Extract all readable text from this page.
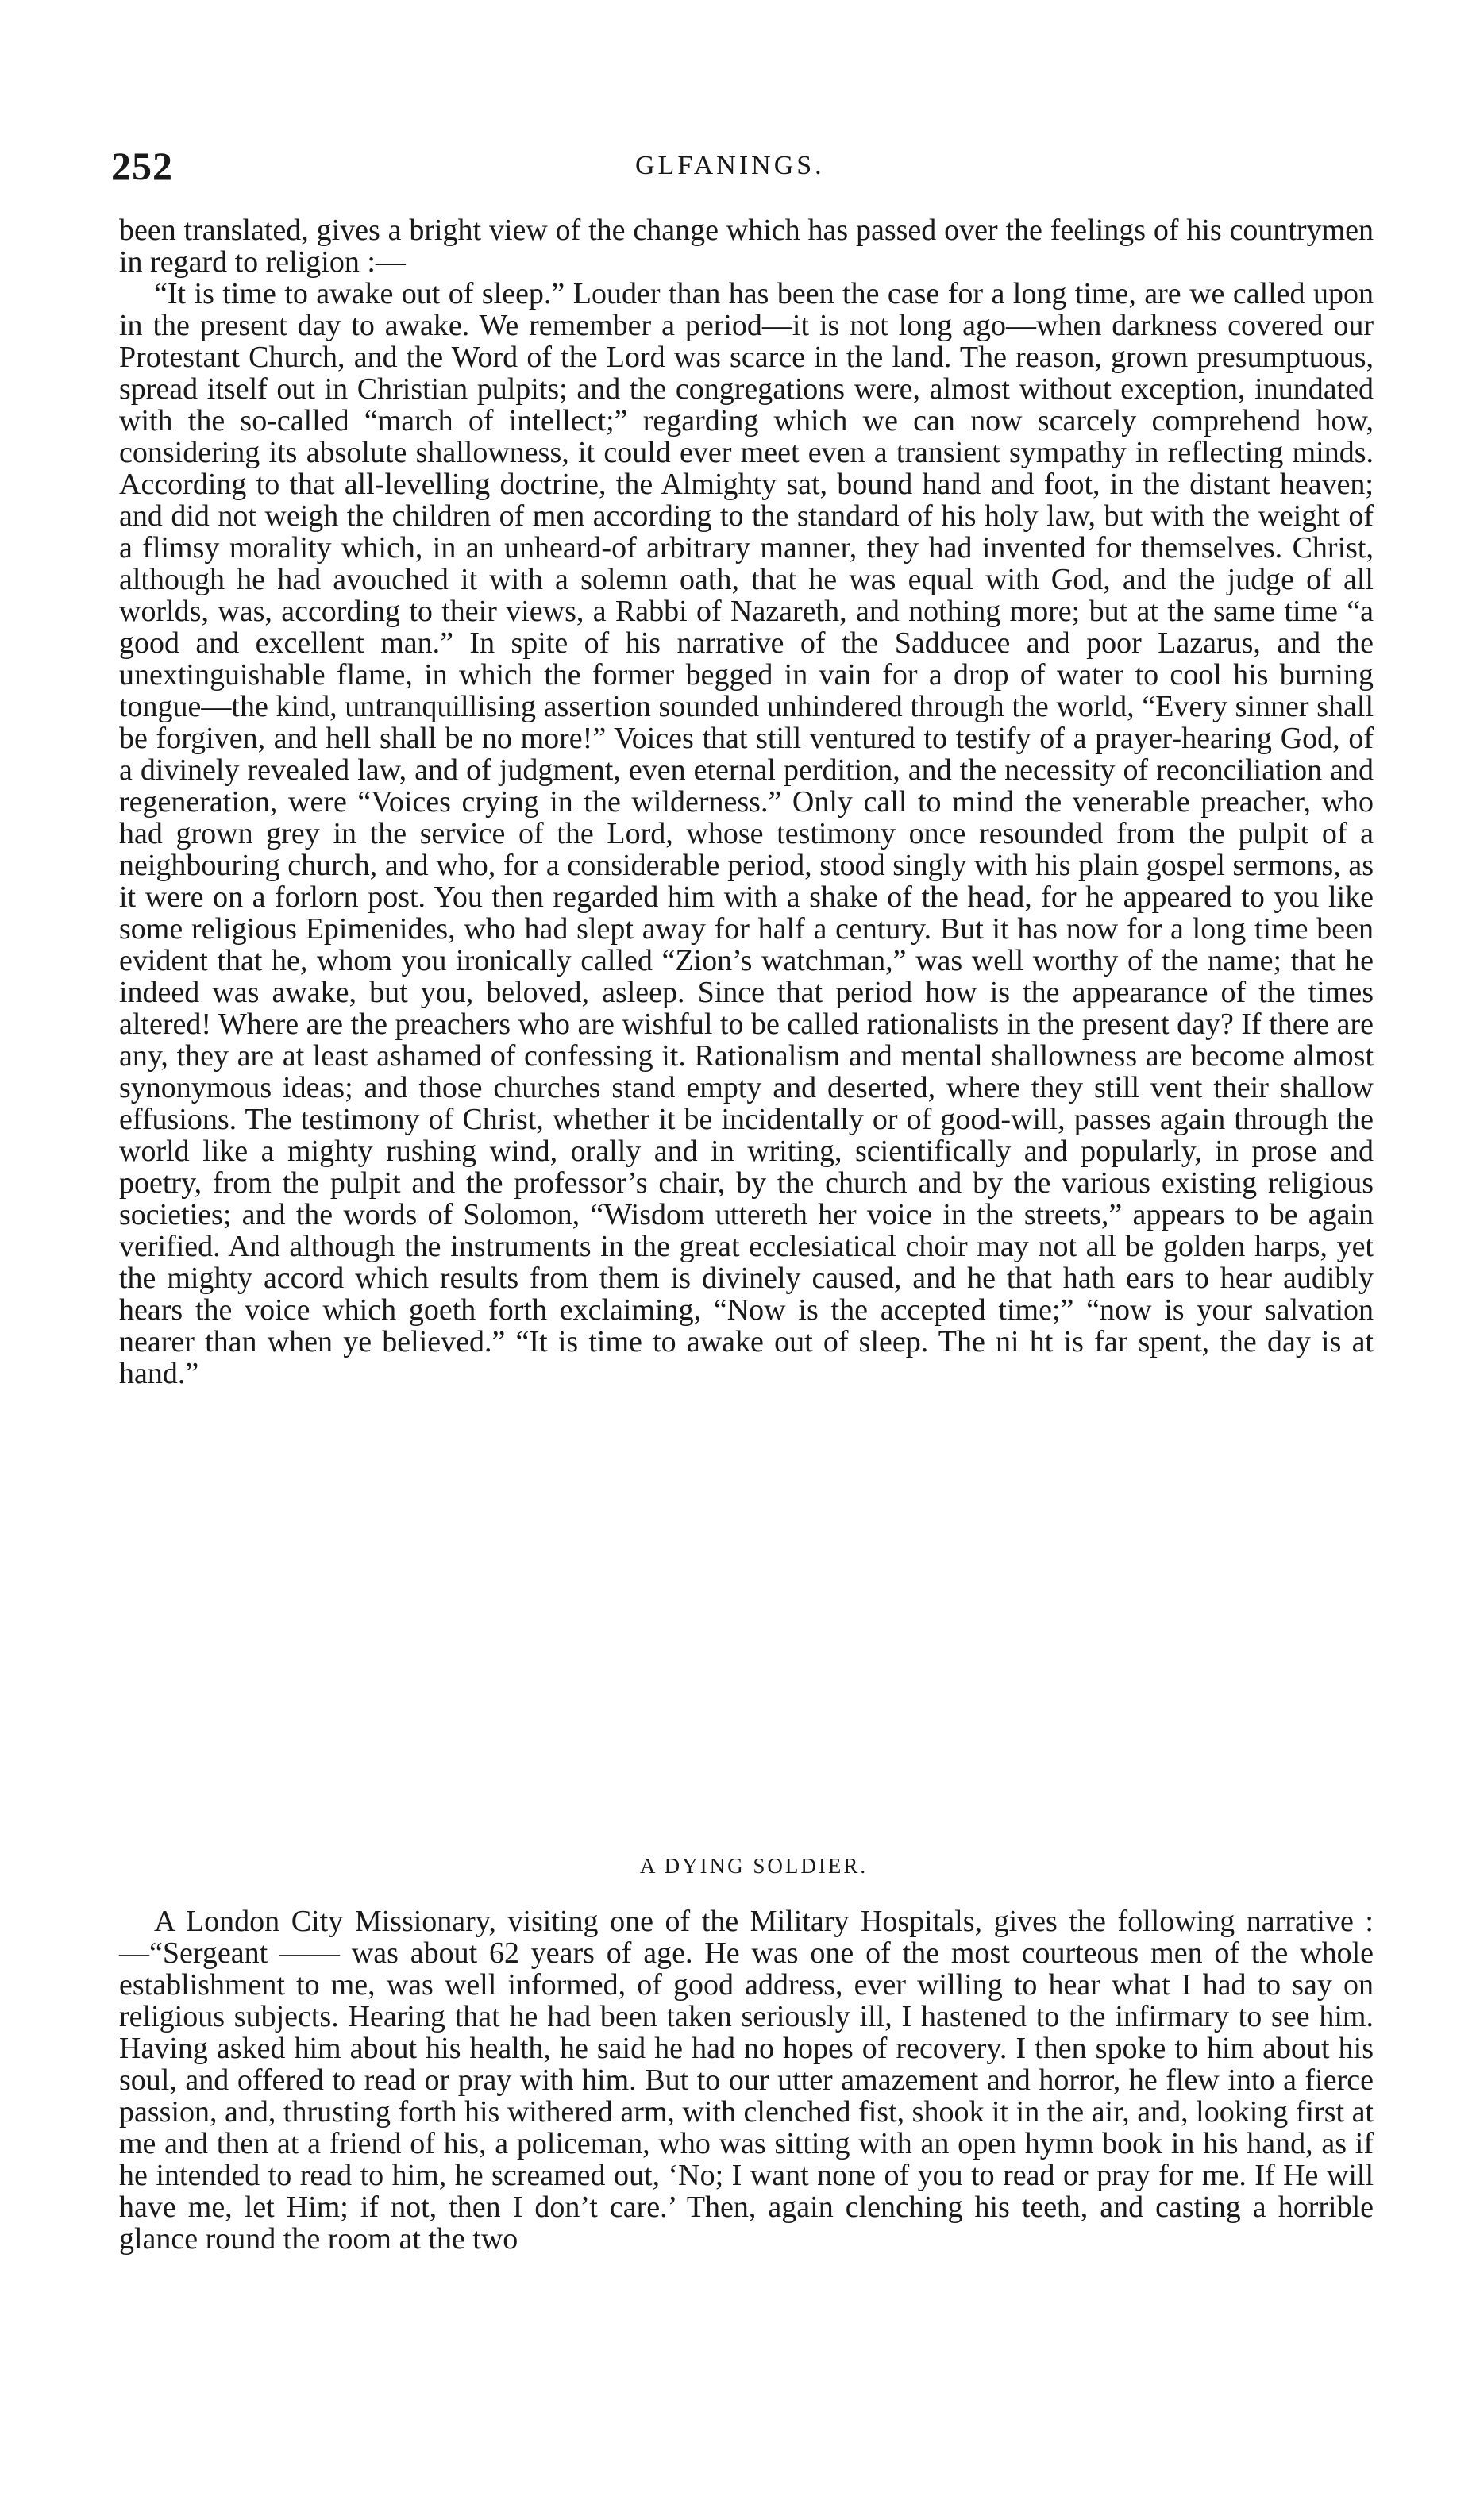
252	GLFANINGS.

been translated, gives a bright view of the change which has passed over the feelings of his countrymen in regard to religion :—

“It is time to awake out of sleep.” Louder than has been the case for a long time, are we called upon in the present day to awake. We remember a period—it is not long ago—when darkness covered our Protestant Church, and the Word of the Lord was scarce in the land. The reason, grown presumptuous, spread itself out in Christian pulpits; and the congregations were, almost without exception, inundated with the so-called “march of intellect;” regarding which we can now scarcely comprehend how, considering its absolute shallowness, it could ever meet even a transient sympathy in reflecting minds. According to that all-levelling doctrine, the Almighty sat, bound hand and foot, in the distant heaven; and did not weigh the children of men according to the standard of his holy law, but with the weight of a flimsy morality which, in an unheard-of arbitrary manner, they had invented for themselves. Christ, although he had avouched it with a solemn oath, that he was equal with God, and the judge of all worlds, was, according to their views, a Rabbi of Nazareth, and nothing more; but at the same time “a good and excellent man.” In spite of his narrative of the Sadducee and poor Lazarus, and the unextinguishable flame, in which the former begged in vain for a drop of water to cool his burning tongue—the kind, untranquillising assertion sounded unhindered through the world, “Every sinner shall be forgiven, and hell shall be no more!” Voices that still ventured to testify of a prayer-hearing God, of a divinely revealed law, and of judgment, even eternal perdition, and the necessity of reconciliation and regeneration, were “Voices crying in the wilderness.” Only call to mind the venerable preacher, who had grown grey in the service of the Lord, whose testimony once resounded from the pulpit of a neighbouring church, and who, for a considerable period, stood singly with his plain gospel sermons, as it were on a forlorn post. You then regarded him with a shake of the head, for he appeared to you like some religious Epimenides, who had slept away for half a century. But it has now for a long time been evident that he, whom you ironically called “Zion’s watchman,” was well worthy of the name; that he indeed was awake, but you, beloved, asleep. Since that period how is the appearance of the times altered! Where are the preachers who are wishful to be called rationalists in the present day? If there are any, they are at least ashamed of confessing it. Rationalism and mental shallowness are become almost synonymous ideas; and those churches stand empty and deserted, where they still vent their shallow effusions. The testimony of Christ, whether it be incidentally or of good-will, passes again through the world like a mighty rushing wind, orally and in writing, scientifically and popularly, in prose and poetry, from the pulpit and the professor’s chair, by the church and by the various existing religious societies; and the words of Solomon, “Wisdom uttereth her voice in the streets,” appears to be again verified. And although the instruments in the great ecclesiatical choir may not all be golden harps, yet the mighty accord which results from them is divinely caused, and he that hath ears to hear audibly hears the voice which goeth forth exclaiming, “Now is the accepted time;” “now is your salvation nearer than when ye believed.” “It is time to awake out of sleep. The ni ht is far spent, the day is at hand.”

A DYING SOLDIER.

A London City Missionary, visiting one of the Military Hospitals, gives the following narrative :—“Sergeant —— was about 62 years of age. He was one of the most courteous men of the whole establishment to me, was well informed, of good address, ever willing to hear what I had to say on religious subjects. Hearing that he had been taken seriously ill, I hastened to the infirmary to see him. Having asked him about his health, he said he had no hopes of recovery. I then spoke to him about his soul, and offered to read or pray with him. But to our utter amazement and horror, he flew into a fierce passion, and, thrusting forth his withered arm, with clenched fist, shook it in the air, and, looking first at me and then at a friend of his, a policeman, who was sitting with an open hymn book in his hand, as if he intended to read to him, he screamed out, ‘No; I want none of you to read or pray for me. If He will have me, let Him; if not, then I don’t care.’ Then, again clenching his teeth, and casting a horrible glance round the room at the two
